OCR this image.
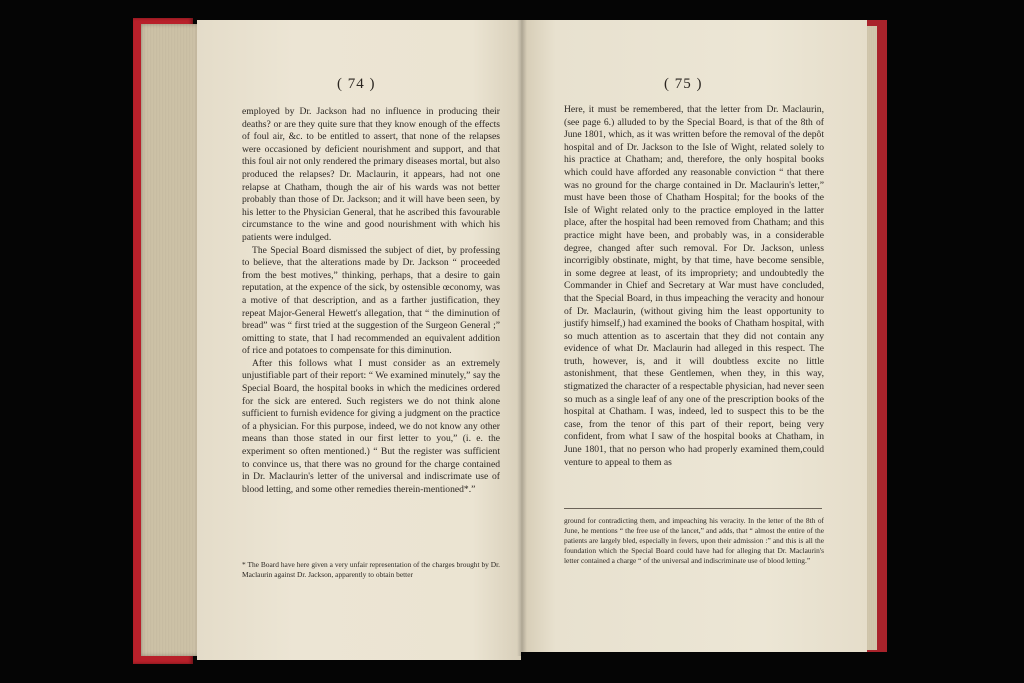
( 74 )

employed by Dr. Jackson had no influence in producing their deaths? or are they quite sure that they know enough of the effects of foul air, &c. to be entitled to assert, that none of the relapses were occasioned by deficient nourishment and support, and that this foul air not only rendered the primary diseases mortal, but also produced the relapses? Dr. Maclaurin, it appears, had not one relapse at Chatham, though the air of his wards was not better probably than those of Dr. Jackson; and it will have been seen, by his letter to the Physician General, that he ascribed this favourable circumstance to the wine and good nourishment with which his patients were indulged.

The Special Board dismissed the subject of diet, by professing to believe, that the alterations made by Dr. Jackson “ proceeded from the best motives,” thinking, perhaps, that a desire to gain reputation, at the expence of the sick, by ostensible œconomy, was a motive of that description, and as a farther justification, they repeat Major-General Hewett's allegation, that “ the diminution of bread” was “ first tried at the suggestion of the Surgeon General ;” omitting to state, that I had recommended an equivalent addition of rice and potatoes to compensate for this diminution.

After this follows what I must consider as an extremely unjustifiable part of their report: “ We examined minutely,” say the Special Board, the hospital books in which the medicines ordered for the sick are entered. Such registers we do not think alone sufficient to furnish evidence for giving a judgment on the practice of a physician. For this purpose, indeed, we do not know any other means than those stated in our first letter to you,” (i. e. the experiment so often mentioned.) “ But the register was sufficient to convince us, that there was no ground for the charge contained in Dr. Maclaurin's letter of the universal and indiscrimate use of blood letting, and some other remedies therein-mentioned*.”

* The Board have here given a very unfair representation of the charges brought by Dr. Maclaurin against Dr. Jackson, apparently to obtain better
( 75 )

Here, it must be remembered, that the letter from Dr. Maclaurin, (see page 6.) alluded to by the Special Board, is that of the 8th of June 1801, which, as it was written before the removal of the depôt hospital and of Dr. Jackson to the Isle of Wight, related solely to his practice at Chatham; and, therefore, the only hospital books which could have afforded any reasonable conviction “ that there was no ground for the charge contained in Dr. Maclaurin's letter,” must have been those of Chatham Hospital; for the books of the Isle of Wight related only to the practice employed in the latter place, after the hospital had been removed from Chatham; and this practice might have been, and probably was, in a considerable degree, changed after such removal. For Dr. Jackson, unless incorrigibly obstinate, might, by that time, have become sensible, in some degree at least, of its impropriety; and undoubtedly the Commander in Chief and Secretary at War must have concluded, that the Special Board, in thus impeaching the veracity and honour of Dr. Maclaurin, (without giving him the least opportunity to justify himself,) had examined the books of Chatham hospital, with so much attention as to ascertain that they did not contain any evidence of what Dr. Maclaurin had alleged in this respect. The truth, however, is, and it will doubtless excite no little astonishment, that these Gentlemen, when they, in this way, stigmatized the character of a respectable physician, had never seen so much as a single leaf of any one of the prescription books of the hospital at Chatham. I was, indeed, led to suspect this to be the case, from the tenor of this part of their report, being very confident, from what I saw of the hospital books at Chatham, in June 1801, that no person who had properly examined them,could venture to appeal to them as

ground for contradicting them, and impeaching his veracity. In the letter of the 8th of June, he mentions “ the free use of the lancet,” and adds, that “ almost the entire of the patients are largely bled, especially in fevers, upon their admission :” and this is all the foundation which the Special Board could have had for alleging that Dr. Maclaurin's letter contained a charge “ of the universal and indiscriminate use of blood letting.”
